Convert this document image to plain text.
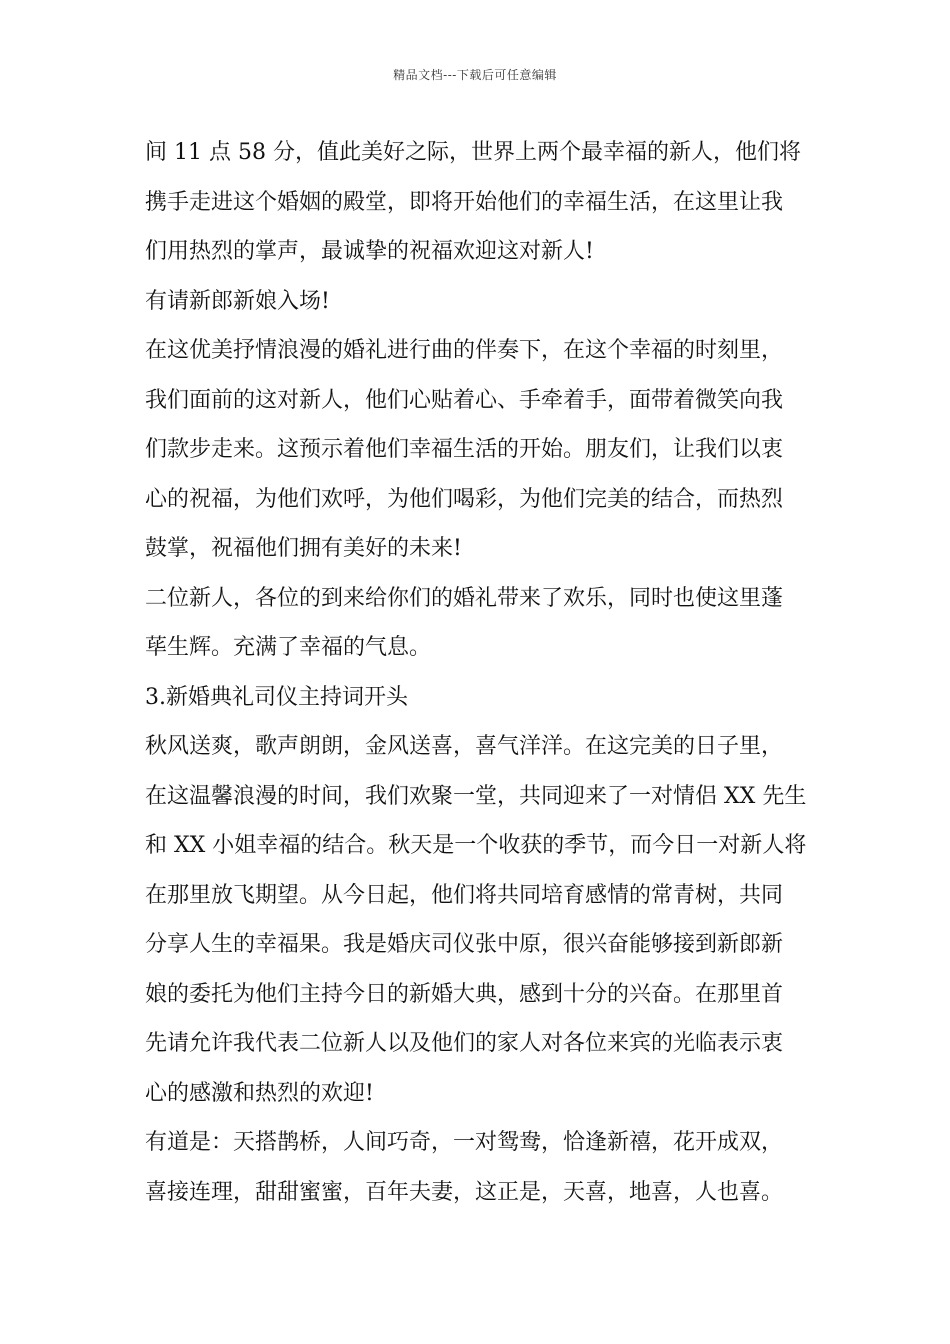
精品文档---下载后可任意编辑
间 11 点 58 分，值此美好之际，世界上两个最幸福的新人，他们将
携手走进这个婚姻的殿堂，即将开始他们的幸福生活，在这里让我
们用热烈的掌声，最诚挚的祝福欢迎这对新人!
有请新郎新娘入场!
在这优美抒情浪漫的婚礼进行曲的伴奏下，在这个幸福的时刻里，
我们面前的这对新人，他们心贴着心、手牵着手，面带着微笑向我
们款步走来。这预示着他们幸福生活的开始。朋友们，让我们以衷
心的祝福，为他们欢呼，为他们喝彩，为他们完美的结合，而热烈
鼓掌，祝福他们拥有美好的未来!
二位新人，各位的到来给你们的婚礼带来了欢乐，同时也使这里蓬
荜生辉。充满了幸福的气息。
3.新婚典礼司仪主持词开头
秋风送爽，歌声朗朗，金风送喜，喜气洋洋。在这完美的日子里，
在这温馨浪漫的时间，我们欢聚一堂，共同迎来了一对情侣 XX 先生
和 XX 小姐幸福的结合。秋天是一个收获的季节，而今日一对新人将
在那里放飞期望。从今日起，他们将共同培育感情的常青树，共同
分享人生的幸福果。我是婚庆司仪张中原，很兴奋能够接到新郎新
娘的委托为他们主持今日的新婚大典，感到十分的兴奋。在那里首
先请允许我代表二位新人以及他们的家人对各位来宾的光临表示衷
心的感激和热烈的欢迎!
有道是：天搭鹊桥，人间巧奇，一对鸳鸯，恰逢新禧，花开成双，
喜接连理，甜甜蜜蜜，百年夫妻，这正是，天喜，地喜，人也喜。
